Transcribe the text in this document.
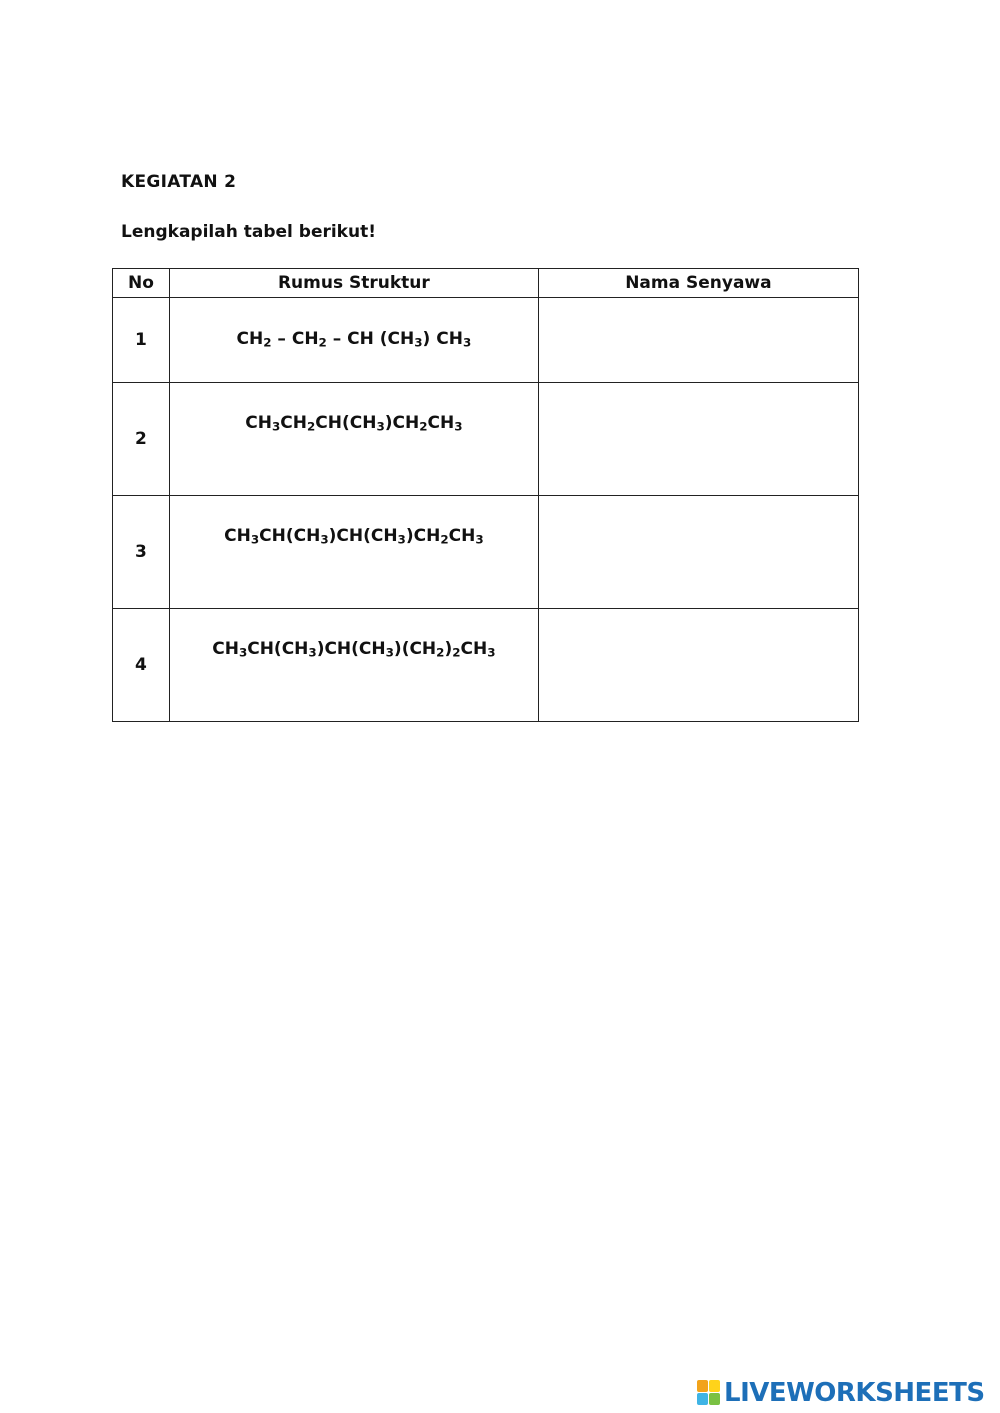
KEGIATAN 2
Lengkapilah tabel berikut!
No	Rumus Struktur	Nama Senyawa
1	$CH_2 - CH_2$ – CH $(CH_3)$ $CH_3$

2	$CH_3CH_2CH(CH_3)CH_2CH_3$

3	$CH_3CH(CH_3)CH(CH_3)CH_2CH_3$

4	$CH_3CH(CH_3)CH(CH_3)(CH_2)_2CH_3$

LIVEWORKSHEETS
